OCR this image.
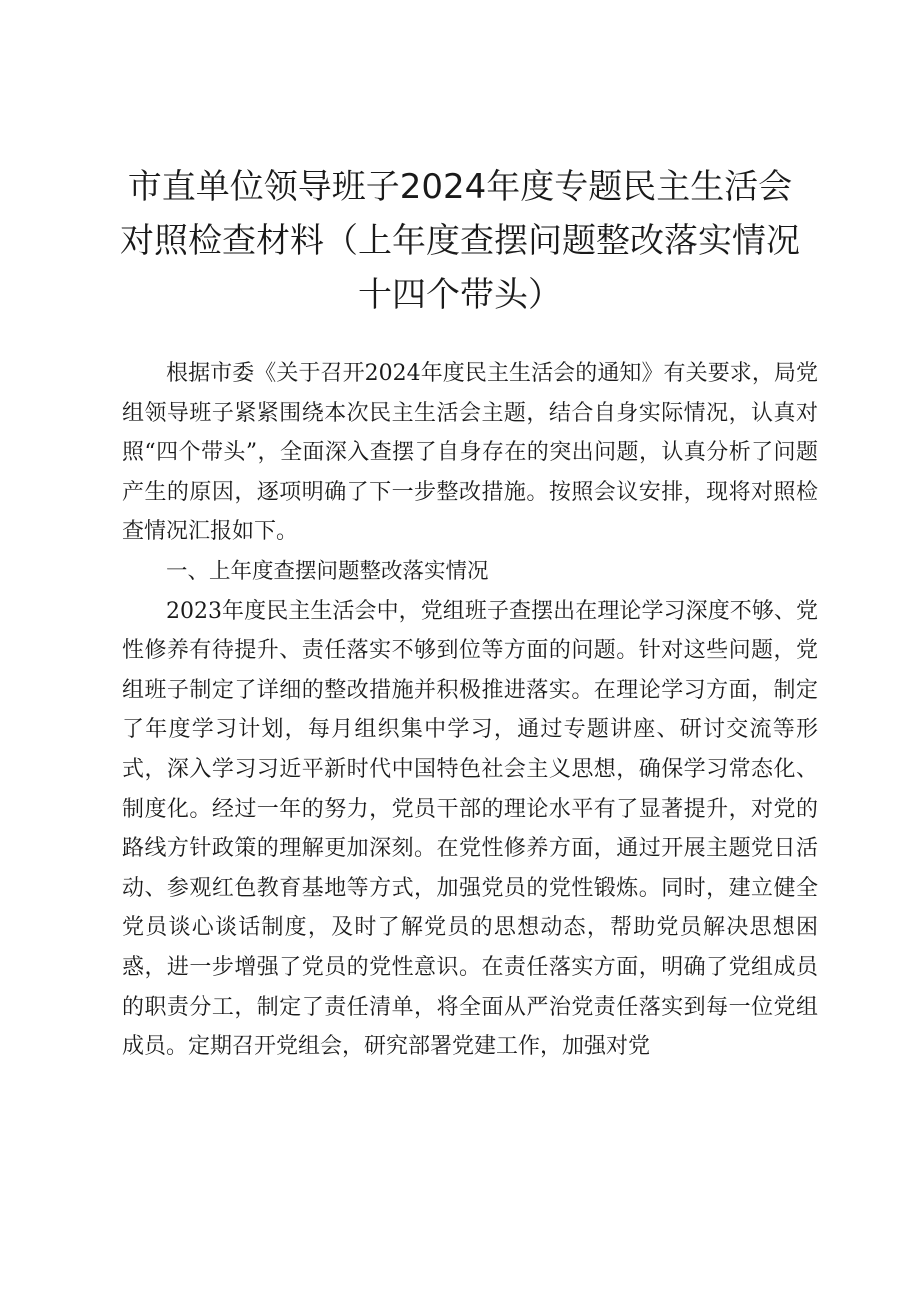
市直单位领导班子2024年度专题民主生活会
对照检查材料（上年度查摆问题整改落实情况
十四个带头）

根据市委《关于召开2024年度民主生活会的通知》有关要求，局党组领导班子紧紧围绕本次民主生活会主题，结合自身实际情况，认真对照“四个带头”，全面深入查摆了自身存在的突出问题，认真分析了问题产生的原因，逐项明确了下一步整改措施。按照会议安排，现将对照检查情况汇报如下。

一、上年度查摆问题整改落实情况

2023年度民主生活会中，党组班子查摆出在理论学习深度不够、党性修养有待提升、责任落实不够到位等方面的问题。针对这些问题，党组班子制定了详细的整改措施并积极推进落实。在理论学习方面，制定了年度学习计划，每月组织集中学习，通过专题讲座、研讨交流等形式，深入学习习近平新时代中国特色社会主义思想，确保学习常态化、制度化。经过一年的努力，党员干部的理论水平有了显著提升，对党的路线方针政策的理解更加深刻。在党性修养方面，通过开展主题党日活动、参观红色教育基地等方式，加强党员的党性锻炼。同时，建立健全党员谈心谈话制度，及时了解党员的思想动态，帮助党员解决思想困惑，进一步增强了党员的党性意识。在责任落实方面，明确了党组成员的职责分工，制定了责任清单，将全面从严治党责任落实到每一位党组成员。定期召开党组会，研究部署党建工作，加强对党
